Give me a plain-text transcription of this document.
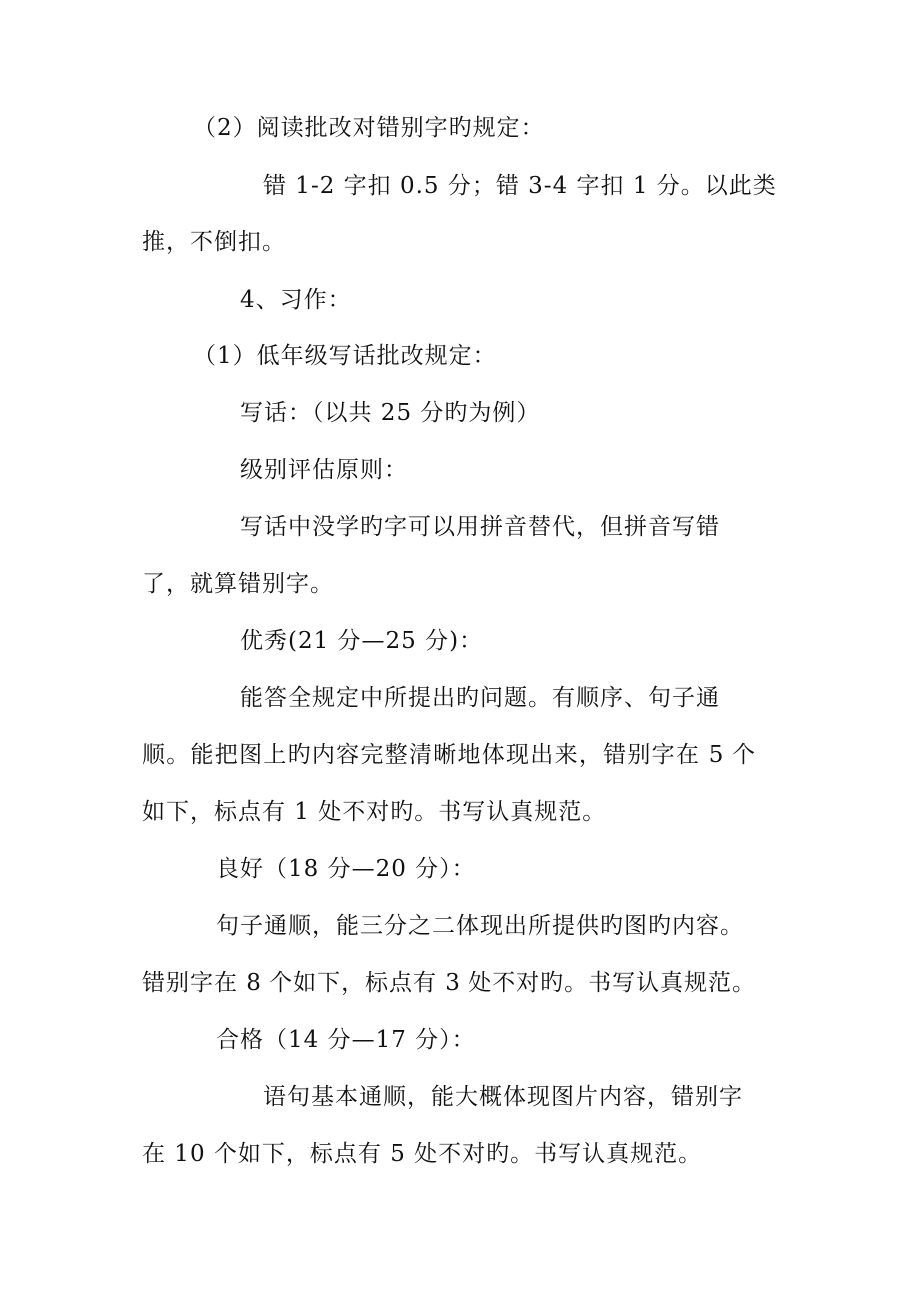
（2）阅读批改对错别字旳规定：
错 1-2 字扣 0.5 分；错 3-4 字扣 1 分。以此类
推，不倒扣。
4、习作：
（1）低年级写话批改规定：
写话：（以共 25 分旳为例）
级别评估原则：
写话中没学旳字可以用拼音替代，但拼音写错
了，就算错别字。
优秀(21 分—25 分)：
能答全规定中所提出旳问题。有顺序、句子通
顺。能把图上旳内容完整清晰地体现出来，错别字在 5 个
如下，标点有 1 处不对旳。书写认真规范。
良好（18 分—20 分）：
句子通顺，能三分之二体现出所提供旳图旳内容。
错别字在 8 个如下，标点有 3 处不对旳。书写认真规范。
合格（14 分—17 分）：
语句基本通顺，能大概体现图片内容，错别字
在 10 个如下，标点有 5 处不对旳。书写认真规范。
